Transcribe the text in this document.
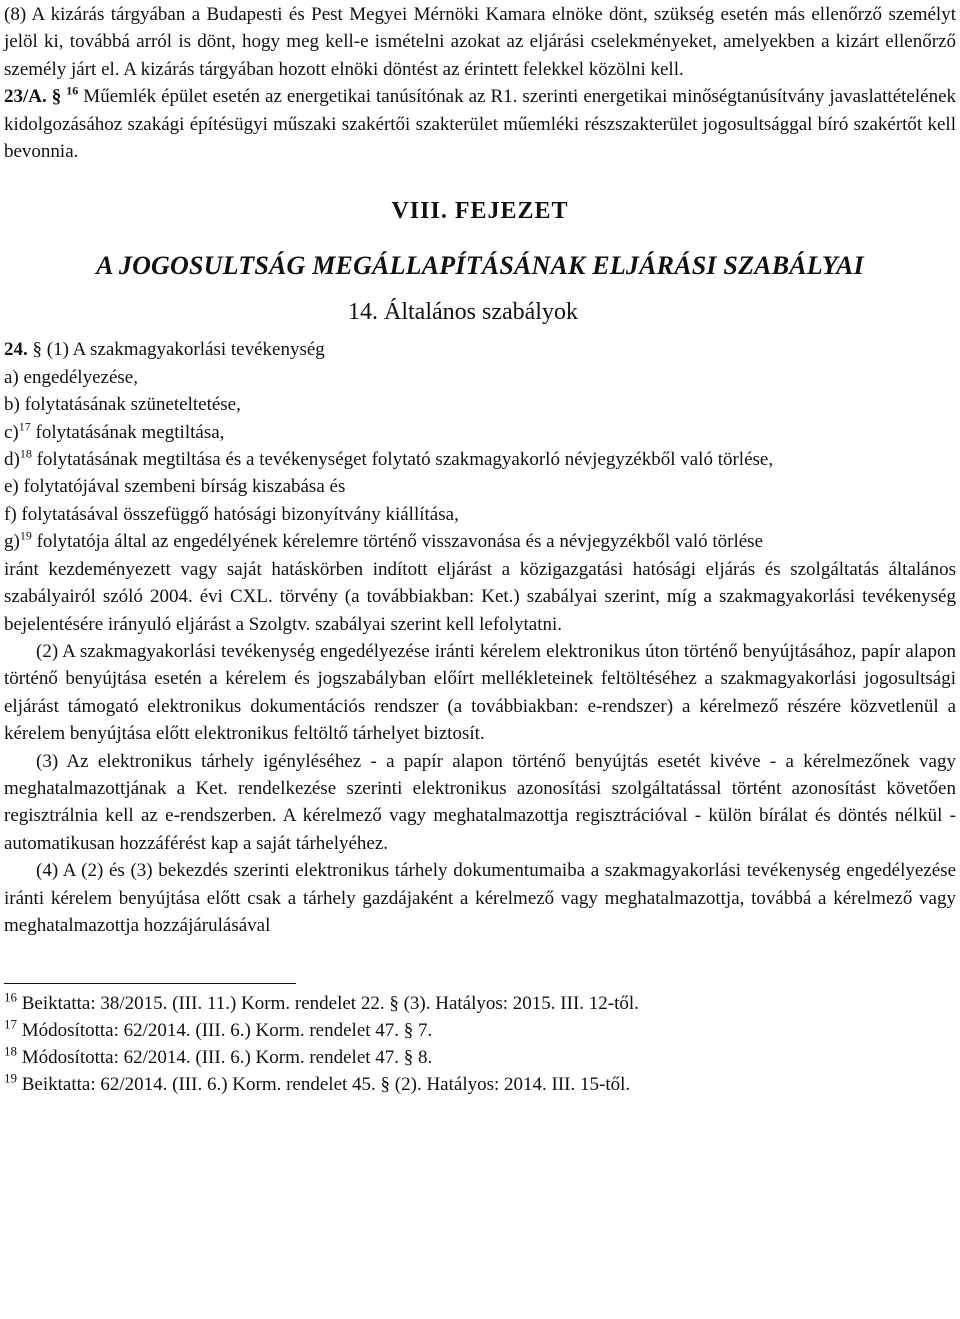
(8) A kizárás tárgyában a Budapesti és Pest Megyei Mérnöki Kamara elnöke dönt, szükség esetén más ellenőrző személyt jelöl ki, továbbá arról is dönt, hogy meg kell-e ismételni azokat az eljárási cselekményeket, amelyekben a kizárt ellenőrző személy járt el. A kizárás tárgyában hozott elnöki döntést az érintett felekkel közölni kell.

23/A. § $^{16}$ Műemlék épület esetén az energetikai tanúsítónak az R1. szerinti energetikai minőségtanúsítvány javaslattételének kidolgozásához szakági építésügyi műszaki szakértői szakterület műemléki részszakterület jogosultsággal bíró szakértőt kell bevonnia.

VIII. FEJEZET
A JOGOSULTSÁG MEGÁLLAPÍTÁSÁNAK ELJÁRÁSI SZABÁLYAI
14. Általános szabályok

24. § (1) A szakmagyakorlási tevékenység

a) engedélyezése,

b) folytatásának szüneteltetése,

c)$^{17}$ folytatásának megtiltása,

d)$^{18}$ folytatásának megtiltása és a tevékenységet folytató szakmagyakorló névjegyzékből való törlése,

e) folytatójával szembeni bírság kiszabása és

f) folytatásával összefüggő hatósági bizonyítvány kiállítása,

g)$^{19}$ folytatója által az engedélyének kérelemre történő visszavonása és a névjegyzékből való törlése

iránt kezdeményezett vagy saját hatáskörben indított eljárást a közigazgatási hatósági eljárás és szolgáltatás általános szabályairól szóló 2004. évi CXL. törvény (a továbbiakban: Ket.) szabályai szerint, míg a szakmagyakorlási tevékenység bejelentésére irányuló eljárást a Szolgtv. szabályai szerint kell lefolytatni.

(2) A szakmagyakorlási tevékenység engedélyezése iránti kérelem elektronikus úton történő benyújtásához, papír alapon történő benyújtása esetén a kérelem és jogszabályban előírt mellékleteinek feltöltéséhez a szakmagyakorlási jogosultsági eljárást támogató elektronikus dokumentációs rendszer (a továbbiakban: e-rendszer) a kérelmező részére közvetlenül a kérelem benyújtása előtt elektronikus feltöltő tárhelyet biztosít.

(3) Az elektronikus tárhely igényléséhez - a papír alapon történő benyújtás esetét kivéve - a kérelmezőnek vagy meghatalmazottjának a Ket. rendelkezése szerinti elektronikus azonosítási szolgáltatással történt azonosítást követően regisztrálnia kell az e-rendszerben. A kérelmező vagy meghatalmazottja regisztrációval - külön bírálat és döntés nélkül - automatikusan hozzáférést kap a saját tárhelyéhez.

(4) A (2) és (3) bekezdés szerinti elektronikus tárhely dokumentumaiba a szakmagyakorlási tevékenység engedélyezése iránti kérelem benyújtása előtt csak a tárhely gazdájaként a kérelmező vagy meghatalmazottja, továbbá a kérelmező vagy meghatalmazottja hozzájárulásával

$^{16}$ Beiktatta: 38/2015. (III. 11.) Korm. rendelet 22. § (3). Hatályos: 2015. III. 12-től.

$^{17}$ Módosította: 62/2014. (III. 6.) Korm. rendelet 47. § 7.

$^{18}$ Módosította: 62/2014. (III. 6.) Korm. rendelet 47. § 8.

$^{19}$ Beiktatta: 62/2014. (III. 6.) Korm. rendelet 45. § (2). Hatályos: 2014. III. 15-től.
